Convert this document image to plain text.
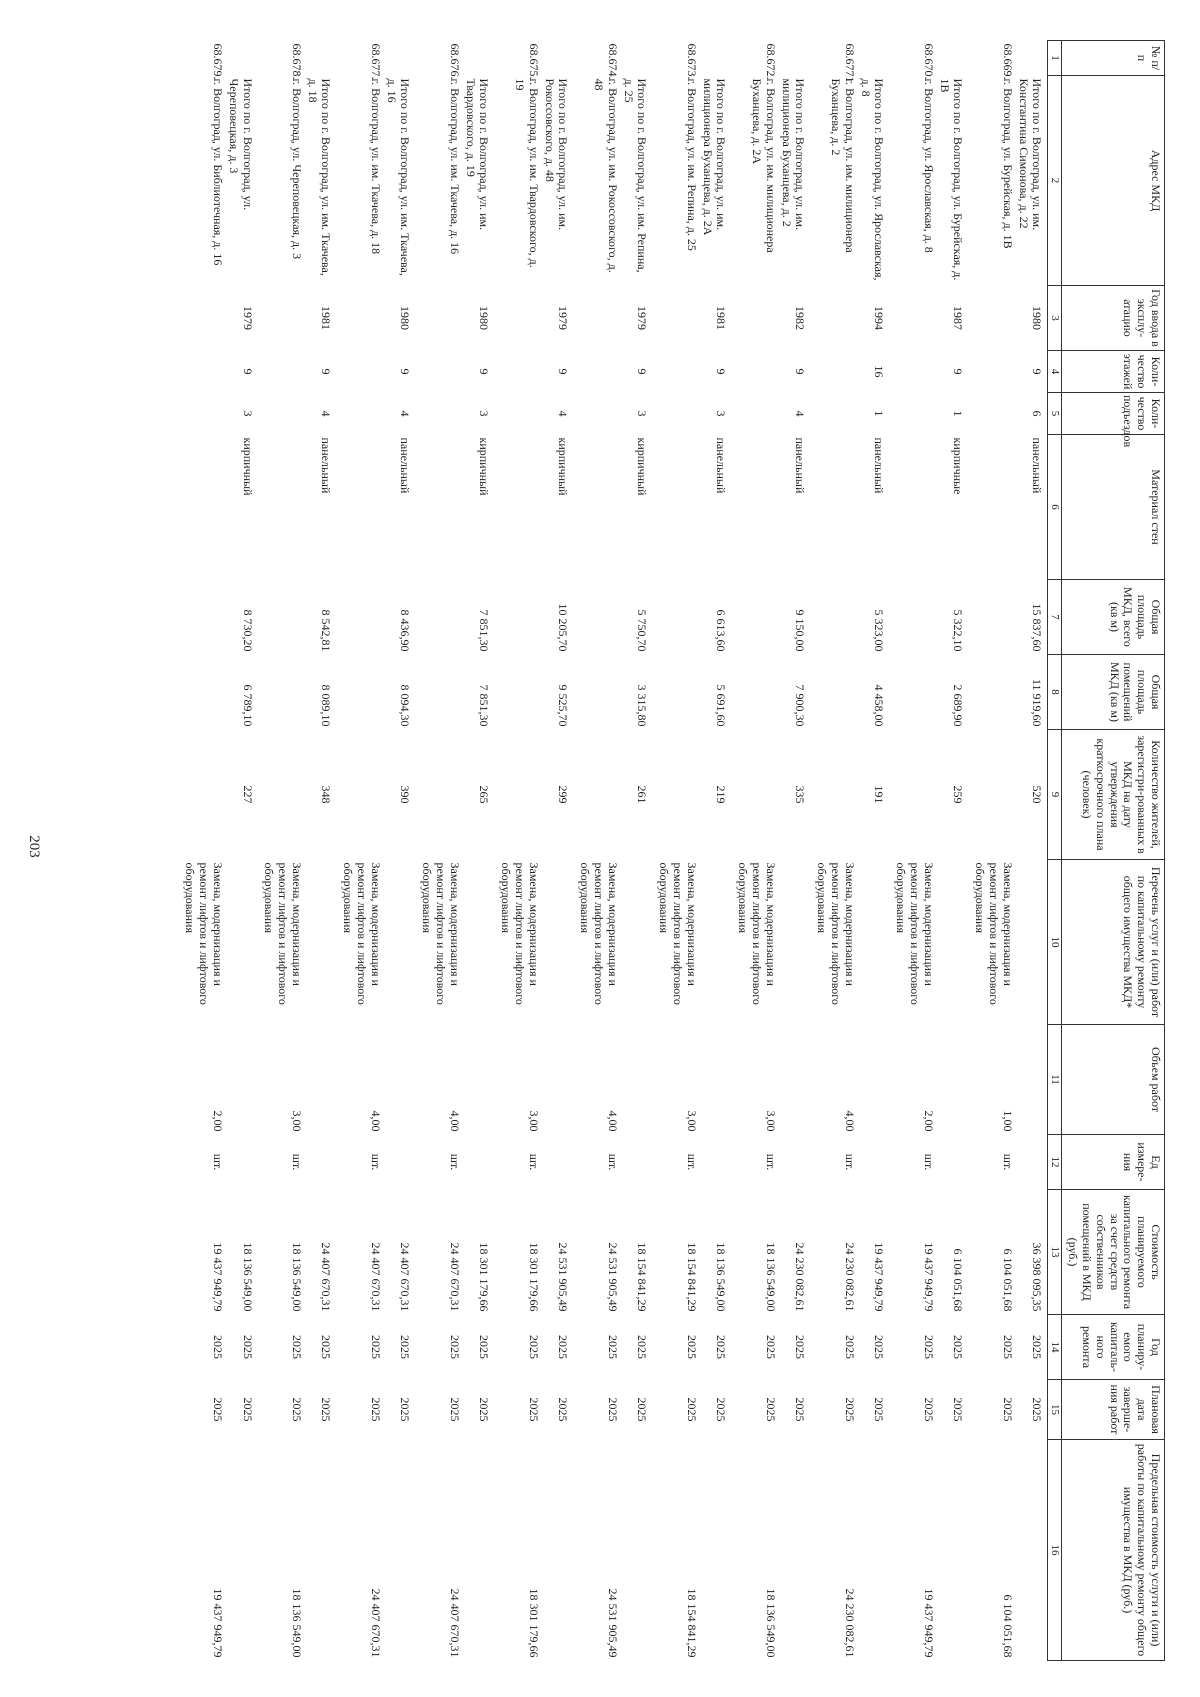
203
№ п/п	Адрес МКД	Год ввода в эксплу-атацию	Коли-чество этажей	Коли-чество подъездов	Материал стен	Общая площадь МКД, всего (кв м)	Общая площадь помещений МКД (кв м)	Количество жителей, зарегистри-рованных в МКД на дату утверждения краткосрочного плана (человек)	Перечень услуг и (или) работ по капитальному ремонту общего имущества МКД*	Объем работ	Ед измере-ния	Стоимость планируемого капитального ремонта за счет средств собственников помещений в МКД (руб.)	Год планиру-емого капиталь-ного ремонта	Плановая дата заверше-ния работ	Предельная стоимость услуги и (или) работы по капитальному ремонту общего имущества в МКД (руб.)
1	2	3	4	5	6	7	8	9	10	11	12	13	14	15	16
	Итого по г. Волгоград, ул. им. Константина Симонова, д. 22	1980	9	6	панельный	15 837,60	11 919,60	520				36 398 095,35	2025	2025	
68.669.	г. Волгоград, ул. Бурейская, д. 1В								Замена, модернизация и ремонт лифтов и лифтового оборудования	1,00	шт.	6 104 051,68	2025	2025	6 104 051,68
	Итого по г. Волгоград, ул. Бурейская, д. 1В	1987	9	1	кирпичные	5 322,10	2 689,90	259				6 104 051,68	2025	2025	
68.670.	г. Волгоград, ул. Ярославская, д. 8								Замена, модернизация и ремонт лифтов и лифтового оборудования	2,00	шт.	19 437 949,79	2025	2025	19 437 949,79
	Итого по г. Волгоград, ул. Ярославская, д. 8	1994	16	1	панельный	5 323,00	4 458,00	191				19 437 949,79	2025	2025	
68.6771	г. Волгоград, ул. им. милиционера Буханцева, д. 2								Замена, модернизация и ремонт лифтов и лифтового оборудования	4,00	шт.	24 230 082,61	2025	2025	24 230 082,61
	Итого по г. Волгоград, ул. им. милиционера Буханцева, д. 2	1982	9	4	панельный	9 150,00	7 900,30	335				24 230 082,61	2025	2025	
68.672.	г. Волгоград, ул. им. милиционера Буханцева, д. 2А								Замена, модернизация и ремонт лифтов и лифтового оборудования	3,00	шт.	18 136 549,00	2025	2025	18 136 549,00
	Итого по г. Волгоград, ул. им. милиционера Буханцева, д. 2А	1981	9	3	панельный	6 613,60	5 691,60	219				18 136 549,00	2025	2025	
68.673.	г. Волгоград, ул. им. Репина, д. 25								Замена, модернизация и ремонт лифтов и лифтового оборудования	3,00	шт.	18 154 841,29	2025	2025	18 154 841,29
	Итого по г. Волгоград, ул. им. Репина, д. 25	1979	9	3	кирпичный	5 750,70	3 315,80	261				18 154 841,29	2025	2025	
68.674.	г. Волгоград, ул. им. Рокоссовского, д. 48								Замена, модернизация и ремонт лифтов и лифтового оборудования	4,00	шт.	24 531 905,49	2025	2025	24 531 905,49
	Итого по г. Волгоград, ул. им. Рокоссовского, д. 48	1979	9	4	кирпичный	10 205,70	9 525,70	299				24 531 905,49	2025	2025	
68.675.	г. Волгоград, ул. им. Твардовского, д. 19								Замена, модернизация и ремонт лифтов и лифтового оборудования	3,00	шт.	18 301 179,66	2025	2025	18 301 179,66
	Итого по г. Волгоград, ул. им. Твардовского, д. 19	1980	9	3	кирпичный	7 851,30	7 851,30	265				18 301 179,66	2025	2025	
68.676.	г. Волгоград, ул. им. Ткачева, д. 16								Замена, модернизация и ремонт лифтов и лифтового оборудования	4,00	шт.	24 407 670,31	2025	2025	24 407 670,31
	Итого по г. Волгоград, ул. им. Ткачева, д. 16	1980	9	4	панельный	8 436,90	8 094,30	390				24 407 670,31	2025	2025	
68.677.	г. Волгоград, ул. им. Ткачева, д. 18								Замена, модернизация и ремонт лифтов и лифтового оборудования	4,00	шт.	24 407 670,31	2025	2025	24 407 670,31
	Итого по г. Волгоград, ул. им. Ткачева, д. 18	1981	9	4	панельный	8 542,81	8 089,10	348				24 407 670,31	2025	2025	
68.678.	г. Волгоград, ул. Череповецкая, д. 3								Замена, модернизация и ремонт лифтов и лифтового оборудования	3,00	шт.	18 136 549,00	2025	2025	18 136 549,00
	Итого по г. Волгоград, ул. Череповецкая, д. 3	1979	9	3	кирпичный	8 730,20	6 789,10	227				18 136 549,00	2025	2025	
68.679.	г. Волгоград, ул. Библиотечная, д. 16								Замена, модернизация и ремонт лифтов и лифтового оборудования	2,00	шт.	19 437 949,79	2025	2025	19 437 949,79
